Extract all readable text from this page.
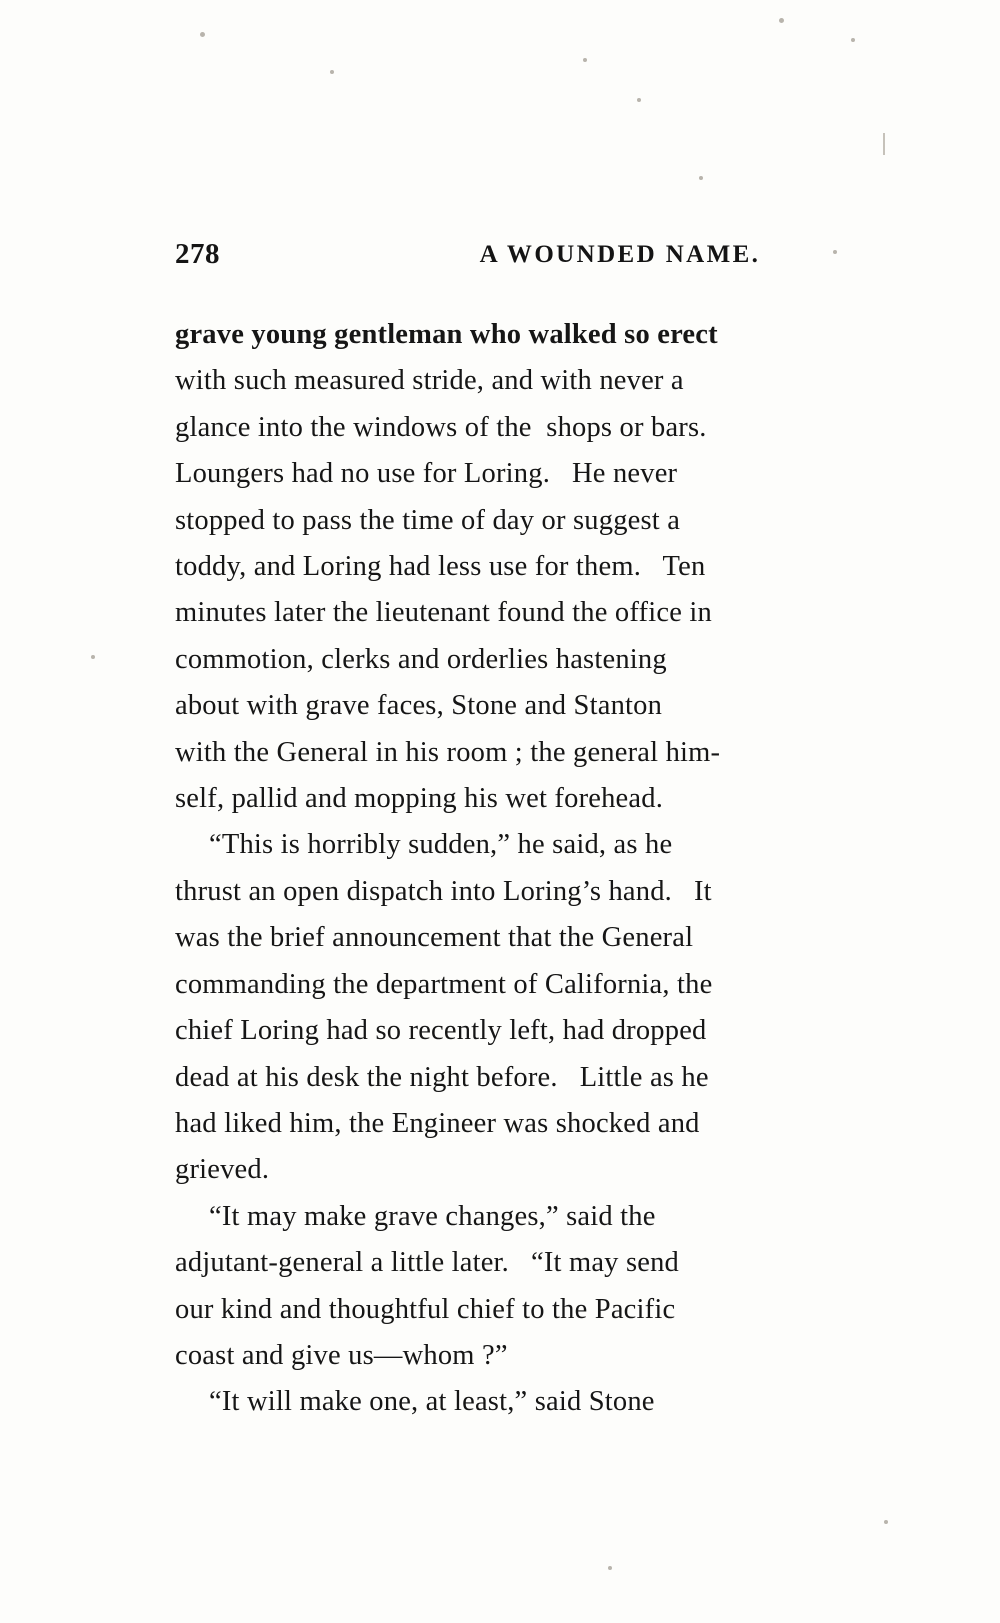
278	A WOUNDED NAME.
grave young gentleman who walked so erect
with such measured stride, and with never a
glance into the windows of the  shops or bars.
Loungers had no use for Loring.   He never
stopped to pass the time of day or suggest a
toddy, and Loring had less use for them.   Ten
minutes later the lieutenant found the office in
commotion, clerks and orderlies hastening
about with grave faces, Stone and Stanton
with the General in his room ; the general him-
self, pallid and mopping his wet forehead.
“This is horribly sudden,” he said, as he
thrust an open dispatch into Loring’s hand.   It
was the brief announcement that the General
commanding the department of California, the
chief Loring had so recently left, had dropped
dead at his desk the night before.   Little as he
had liked him, the Engineer was shocked and
grieved.
“It may make grave changes,” said the
adjutant-general a little later.   “It may send
our kind and thoughtful chief to the Pacific
coast and give us—whom ?”
“It will make one, at least,” said Stone
